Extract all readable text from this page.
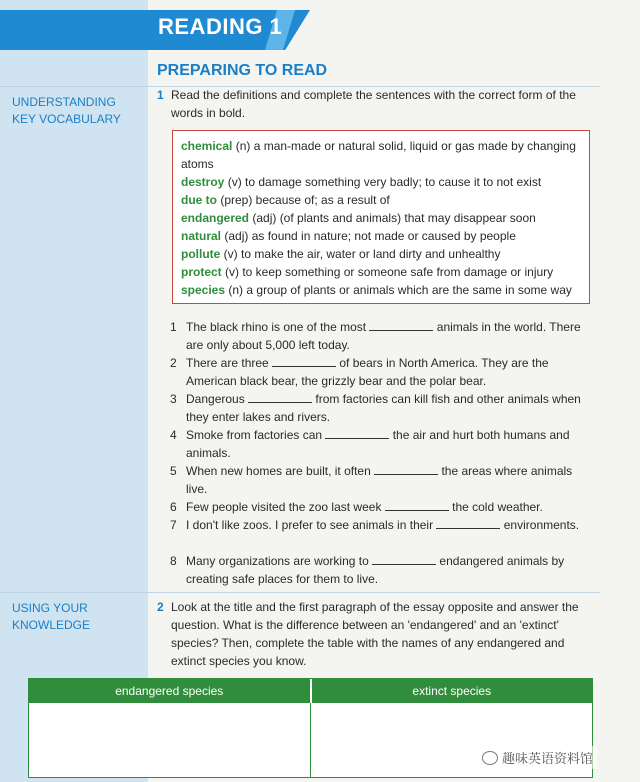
READING 1
UNDERSTANDING
KEY VOCABULARY
PREPARING TO READ
1 Read the definitions and complete the sentences with the correct form of the words in bold.
chemical (n) a man-made or natural solid, liquid or gas made by changing atoms
destroy (v) to damage something very badly; to cause it to not exist
due to (prep) because of; as a result of
endangered (adj) (of plants and animals) that may disappear soon
natural (adj) as found in nature; not made or caused by people
pollute (v) to make the air, water or land dirty and unhealthy
protect (v) to keep something or someone safe from damage or injury
species (n) a group of plants or animals which are the same in some way
1 The black rhino is one of the most	animals in the world. There are only about 5,000 left today.
2 There are three	of bears in North America. They are the American black bear, the grizzly bear and the polar bear.
3 Dangerous	from factories can kill fish and other animals when they enter lakes and rivers.
4 Smoke from factories can	the air and hurt both humans and animals.
5 When new homes are built, it often	the areas where animals live.
6 Few people visited the zoo last week	the cold weather.
7 I don't like zoos. I prefer to see animals in their	environments.
8 Many organizations are working to	endangered animals by creating safe places for them to live.
USING YOUR
KNOWLEDGE
2 Look at the title and the first paragraph of the essay opposite and answer the question. What is the difference between an 'endangered' and an 'extinct' species? Then, complete the table with the names of any endangered and extinct species you know.
endangered species	extinct species
趣味英语资料馆
